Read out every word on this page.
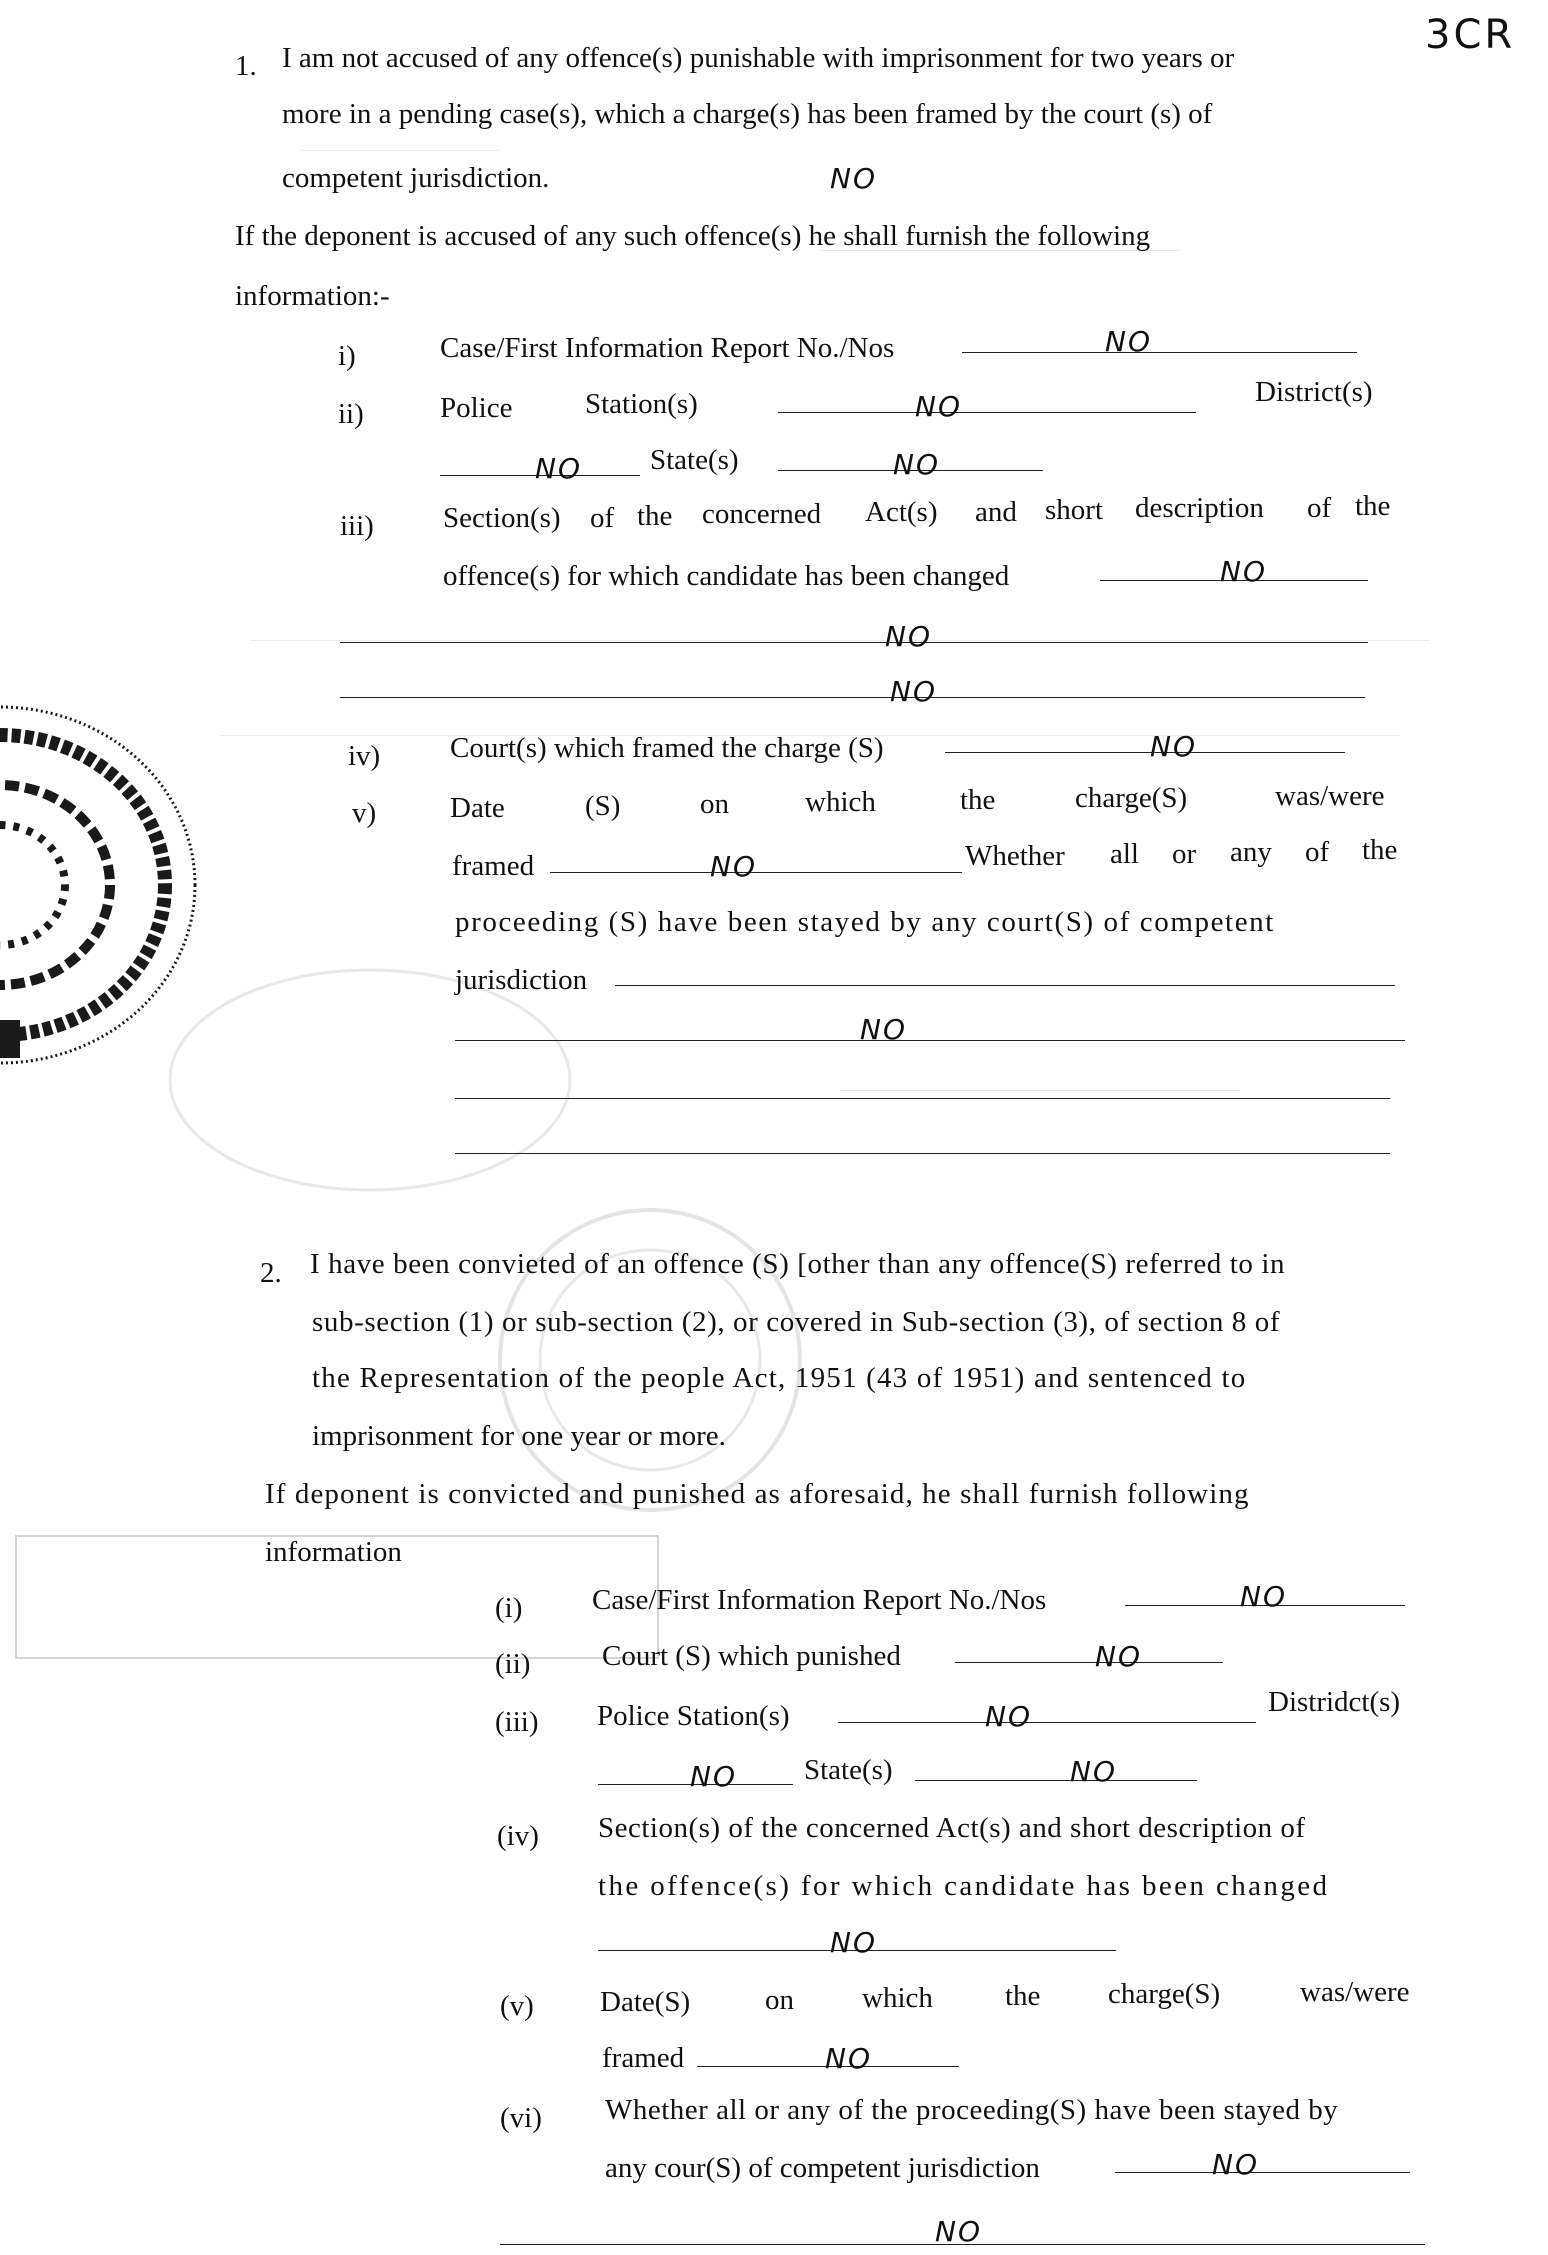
3CR
1. I am not accused of any offence(s) punishable with imprisonment for two years or
more in a pending case(s), which a charge(s) has been framed by the court (s) of
competent jurisdiction.	NO
If the deponent is accused of any such offence(s) he shall furnish the following
information:-
i)	Case/First Information Report No./Nos	NO
ii)	Police	Station(s)	NO	District(s)
NO State(s)	NO
iii) Section(s) of the concerned Act(s) and short description of the
offence(s) for which candidate has been changed	NO
NO
NO
iv) Court(s) which framed the charge (S)	NO
v)	Date	(S)	on	which	the	charge(S)	was/were
framed	NO	Whether all or any of the
proceeding (S) have been stayed by any court(S) of competent
jurisdiction
NO
2. I have been convieted of an offence (S) [other than any offence(S) referred to in
sub-section (1) or sub-section (2), or covered in Sub-section (3), of section 8 of
the Representation of the people Act, 1951 (43 of 1951) and sentenced to
imprisonment for one year or more.
If deponent is convicted and punished as aforesaid, he shall furnish following
information
(i) Case/First Information Report No./Nos	NO
(ii) Court (S) which punished	NO
(iii) Police Station(s)	NO	Distridct(s)
NO State(s)	NO
(iv) Section(s) of the concerned Act(s) and short description of
the offence(s) for which candidate has been changed
NO
(v) Date(S)	on which the charge(S)	was/were
framed	NO
(vi) Whether all or any of the proceeding(S) have been stayed by
any cour(S) of competent jurisdiction	NO
NO
